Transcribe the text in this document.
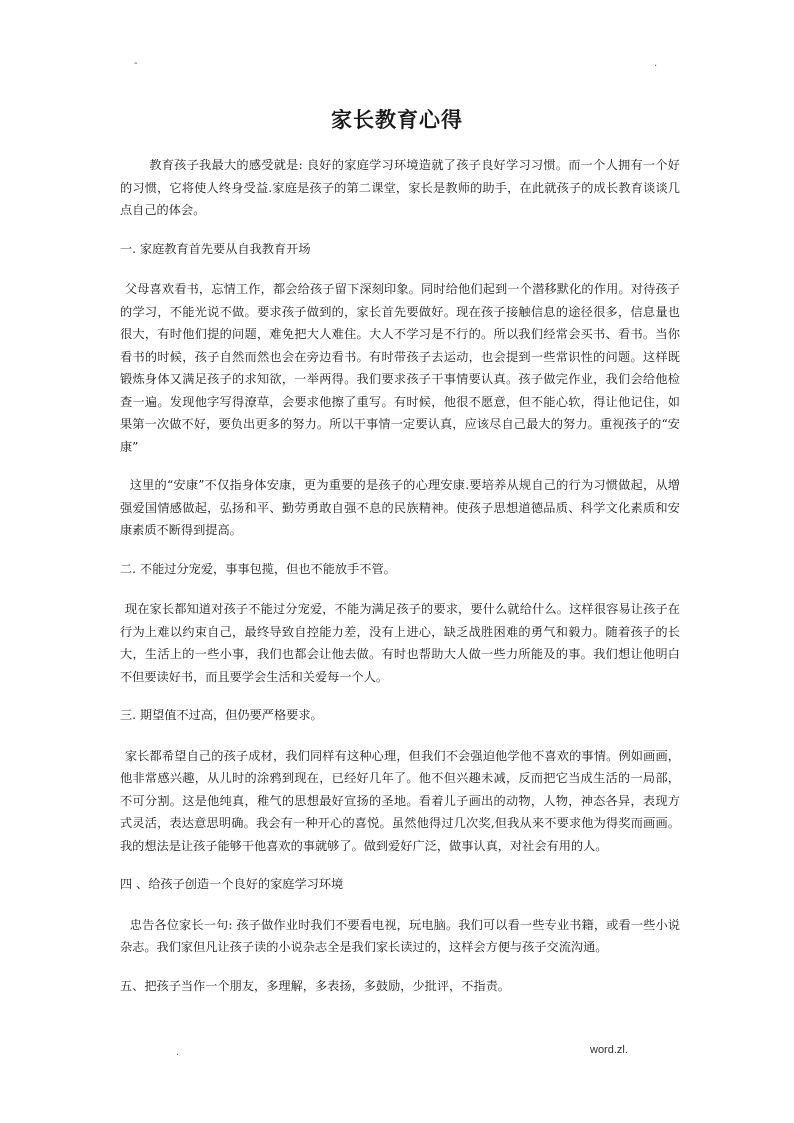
-	.
家长教育心得

教育孩子我最大的感受就是: 良好的家庭学习环境造就了孩子良好学习习惯。而一个人拥有一个好的习惯，它将使人终身受益.家庭是孩子的第二课堂，家长是教师的助手，在此就孩子的成长教育谈谈几点自己的体会。

一. 家庭教育首先要从自我教育开场

父母喜欢看书，忘情工作，都会给孩子留下深刻印象。同时给他们起到一个潜移默化的作用。对待孩子的学习，不能光说不做。要求孩子做到的，家长首先要做好。现在孩子接触信息的途径很多，信息量也很大，有时他们提的问题，难免把大人难住。大人不学习是不行的。所以我们经常会买书、看书。当你看书的时候，孩子自然而然也会在旁边看书。有时带孩子去运动，也会提到一些常识性的问题。这样既锻炼身体又满足孩子的求知欲，一举两得。我们要求孩子干事情要认真。孩子做完作业，我们会给他检查一遍。发现他字写得潦草，会要求他擦了重写。有时候，他很不愿意，但不能心软，得让他记住，如果第一次做不好，要负出更多的努力。所以干事情一定要认真，应该尽自己最大的努力。重视孩子的“安康”

这里的“安康”不仅指身体安康，更为重要的是孩子的心理安康.要培养从规自己的行为习惯做起，从增强爱国情感做起，弘扬和平、勤劳勇敢自强不息的民族精神。使孩子思想道德品质、科学文化素质和安康素质不断得到提高。

二. 不能过分宠爱，事事包揽，但也不能放手不管。

现在家长都知道对孩子不能过分宠爱，不能为满足孩子的要求，要什么就给什么。这样很容易让孩子在行为上难以约束自己，最终导致自控能力差，没有上进心，缺乏战胜困难的勇气和毅力。随着孩子的长大，生活上的一些小事，我们也都会让他去做。有时也帮助大人做一些力所能及的事。我们想让他明白不但要读好书，而且要学会生活和关爱每一个人。

三. 期望值不过高，但仍要严格要求。

家长都希望自己的孩子成材，我们同样有这种心理，但我们不会强迫他学他不喜欢的事情。例如画画，他非常感兴趣，从儿时的涂鸦到现在，已经好几年了。他不但兴趣未减，反而把它当成生活的一局部，不可分割。这是他纯真，稚气的思想最好宣扬的圣地。看着儿子画出的动物，人物，神态各异，表现方式灵活，表达意思明确。我会有一种开心的喜悦。虽然他得过几次奖,但我从来不要求他为得奖而画画。我的想法是让孩子能够干他喜欢的事就够了。做到爱好广泛，做事认真，对社会有用的人。

四 、给孩子创造一个良好的家庭学习环境

忠告各位家长一句: 孩子做作业时我们不要看电视，玩电脑。我们可以看一些专业书籍，或看一些小说杂志。我们家但凡让孩子读的小说杂志全是我们家长读过的，这样会方便与孩子交流沟通。

五、把孩子当作一个朋友，多理解，多表扬，多鼓励，少批评，不指责。

.	word.zl.
